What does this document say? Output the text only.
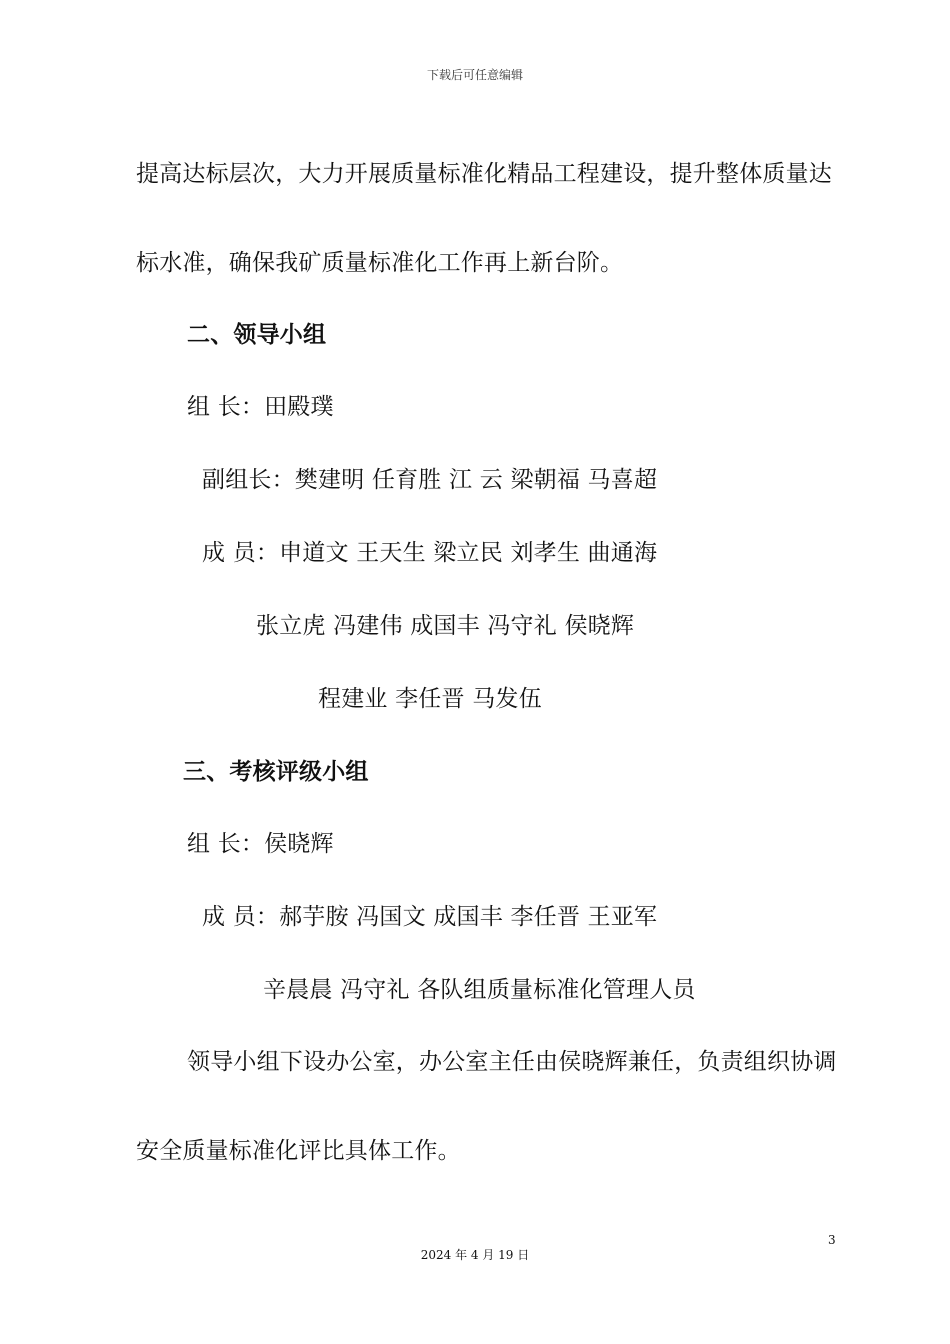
下载后可任意编辑
提高达标层次，大力开展质量标准化精品工程建设，提升整体质量达
标水准，确保我矿质量标准化工作再上新台阶。
二、领导小组
组 长：田殿璞
副组长：樊建明 任育胜 江 云 梁朝福 马喜超
成 员：申道文 王天生 梁立民 刘孝生 曲通海
张立虎 冯建伟 成国丰 冯守礼 侯晓辉
程建业 李任晋 马发伍
三、考核评级小组
组 长：侯晓辉
成 员：郝芋胺 冯国文 成国丰 李任晋 王亚军
辛晨晨 冯守礼 各队组质量标准化管理人员
领导小组下设办公室，办公室主任由侯晓辉兼任，负责组织协调
安全质量标准化评比具体工作。
3
2024 年 4 月 19 日
